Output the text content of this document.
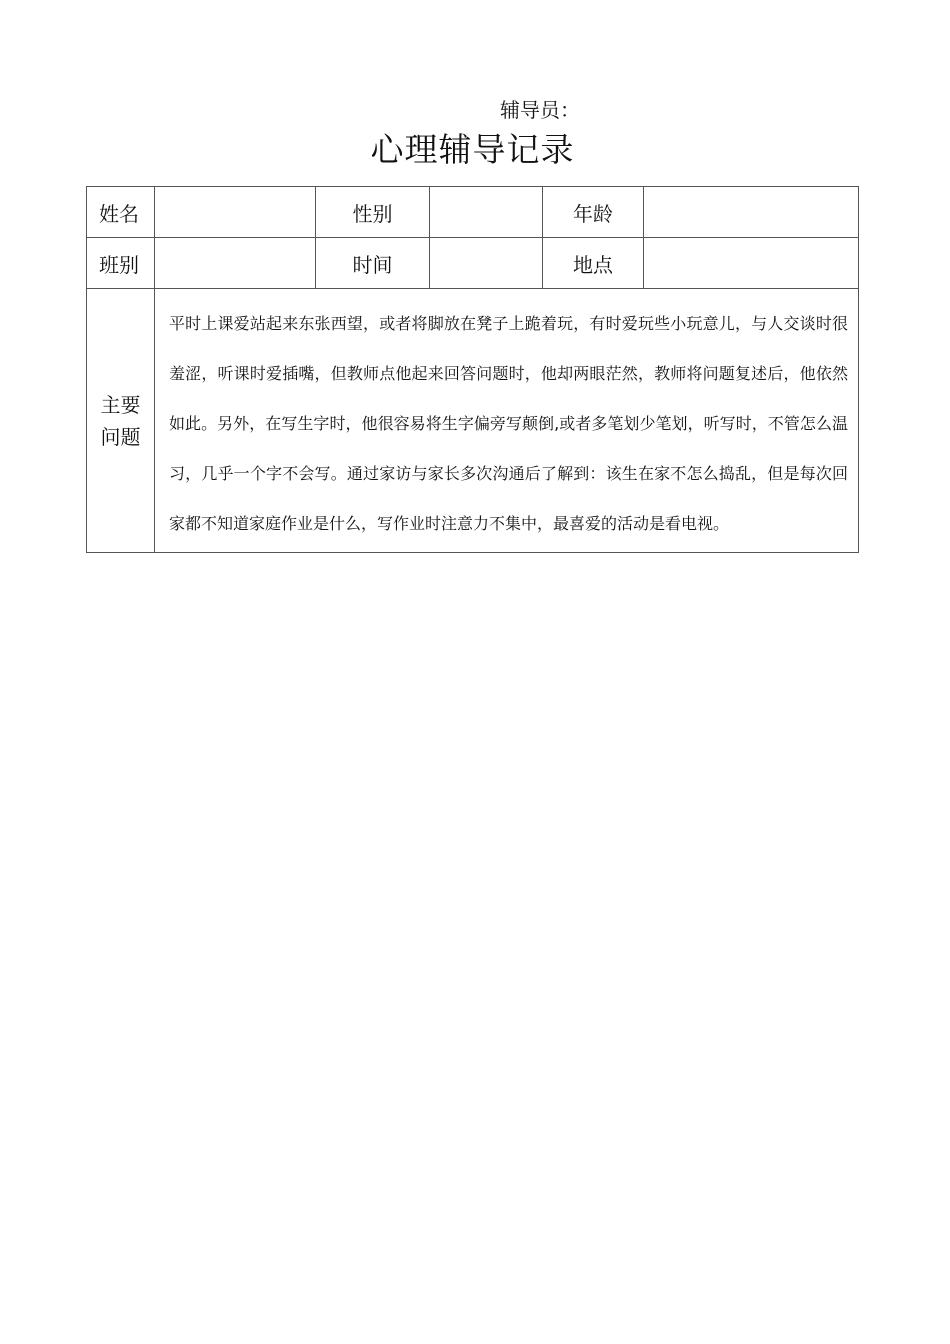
辅导员：
心理辅导记录
姓名		性别		年龄	
班别		时间		地点	

主要
问题	平时上课爱站起来东张西望，或者将脚放在凳子上跪着玩，有时爱玩些小玩意儿，与人交谈时很羞涩，听课时爱插嘴，但教师点他起来回答问题时，他却两眼茫然，教师将问题复述后，他依然如此。另外，在写生字时，他很容易将生字偏旁写颠倒,或者多笔划少笔划，听写时，不管怎么温习，几乎一个字不会写。通过家访与家长多次沟通后了解到：该生在家不怎么捣乱，但是每次回家都不知道家庭作业是什么，写作业时注意力不集中，最喜爱的活动是看电视。				
